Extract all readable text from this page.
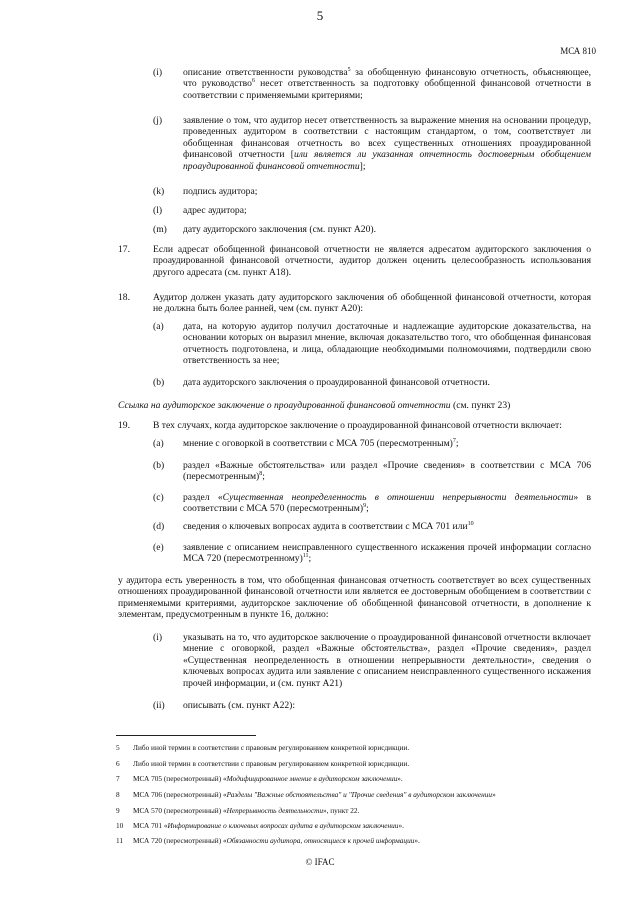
5
МСА 810
(i) описание ответственности руководства$^5$ за обобщенную финансовую отчетность, объясняющее, что руководство$^6$ несет ответственность за подготовку обобщенной финансовой отчетности в соответствии с применяемыми критериями;
(j) заявление о том, что аудитор несет ответственность за выражение мнения на основании процедур, проведенных аудитором в соответствии с настоящим стандартом, о том, соответствует ли обобщенная финансовая отчетность во всех существенных отношениях проаудированной финансовой отчетности [или является ли указанная отчетность достоверным обобщением проаудированной финансовой отчетности];
(k) подпись аудитора;
(l) адрес аудитора;
(m) дату аудиторского заключения (см. пункт А20).
17. Если адресат обобщенной финансовой отчетности не является адресатом аудиторского заключения о проаудированной финансовой отчетности, аудитор должен оценить целесообразность использования другого адресата (см. пункт А18).
18. Аудитор должен указать дату аудиторского заключения об обобщенной финансовой отчетности, которая не должна быть более ранней, чем (см. пункт А20):
(a) дата, на которую аудитор получил достаточные и надлежащие аудиторские доказательства, на основании которых он выразил мнение, включая доказательство того, что обобщенная финансовая отчетность подготовлена, и лица, обладающие необходимыми полномочиями, подтвердили свою ответственность за нее;
(b) дата аудиторского заключения о проаудированной финансовой отчетности.
Ссылка на аудиторское заключение о проаудированной финансовой отчетности (см. пункт 23)
19. В тех случаях, когда аудиторское заключение о проаудированной финансовой отчетности включает:
(a) мнение с оговоркой в соответствии с МСА 705 (пересмотренным)$^7$;
(b) раздел «Важные обстоятельства» или раздел «Прочие сведения» в соответствии с МСА 706 (пересмотренным)$^8$;
(c) раздел «Существенная неопределенность в отношении непрерывности деятельности» в соответствии с МСА 570 (пересмотренным)$^9$;
(d) сведения о ключевых вопросах аудита в соответствии с МСА 701 или$^{10}$
(e) заявление с описанием неисправленного существенного искажения прочей информации согласно МСА 720 (пересмотренному)$^{11}$;
у аудитора есть уверенность в том, что обобщенная финансовая отчетность соответствует во всех существенных отношениях проаудированной финансовой отчетности или является ее достоверным обобщением в соответствии с применяемыми критериями, аудиторское заключение об обобщенной финансовой отчетности, в дополнение к элементам, предусмотренным в пункте 16, должно:
(i) указывать на то, что аудиторское заключение о проаудированной финансовой отчетности включает мнение с оговоркой, раздел «Важные обстоятельства», раздел «Прочие сведения», раздел «Существенная неопределенность в отношении непрерывности деятельности», сведения о ключевых вопросах аудита или заявление с описанием неисправленного существенного искажения прочей информации, и (см. пункт А21)
(ii) описывать (см. пункт А22):
5 Либо иной термин в соответствии с правовым регулированием конкретной юрисдикции.
6 Либо иной термин в соответствии с правовым регулированием конкретной юрисдикции.
7 МСА 705 (пересмотренный) «Модифицированное мнение в аудиторском заключении».
8 МСА 706 (пересмотренный) «Разделы "Важные обстоятельства" и "Прочие сведения" в аудиторском заключении»
9 МСА 570 (пересмотренный) «Непрерывность деятельности», пункт 22.
10 МСА 701 «Информирование о ключевых вопросах аудита в аудиторском заключении».
11 МСА 720 (пересмотренный) «Обязанности аудитора, относящиеся к прочей информации».
© IFAC
